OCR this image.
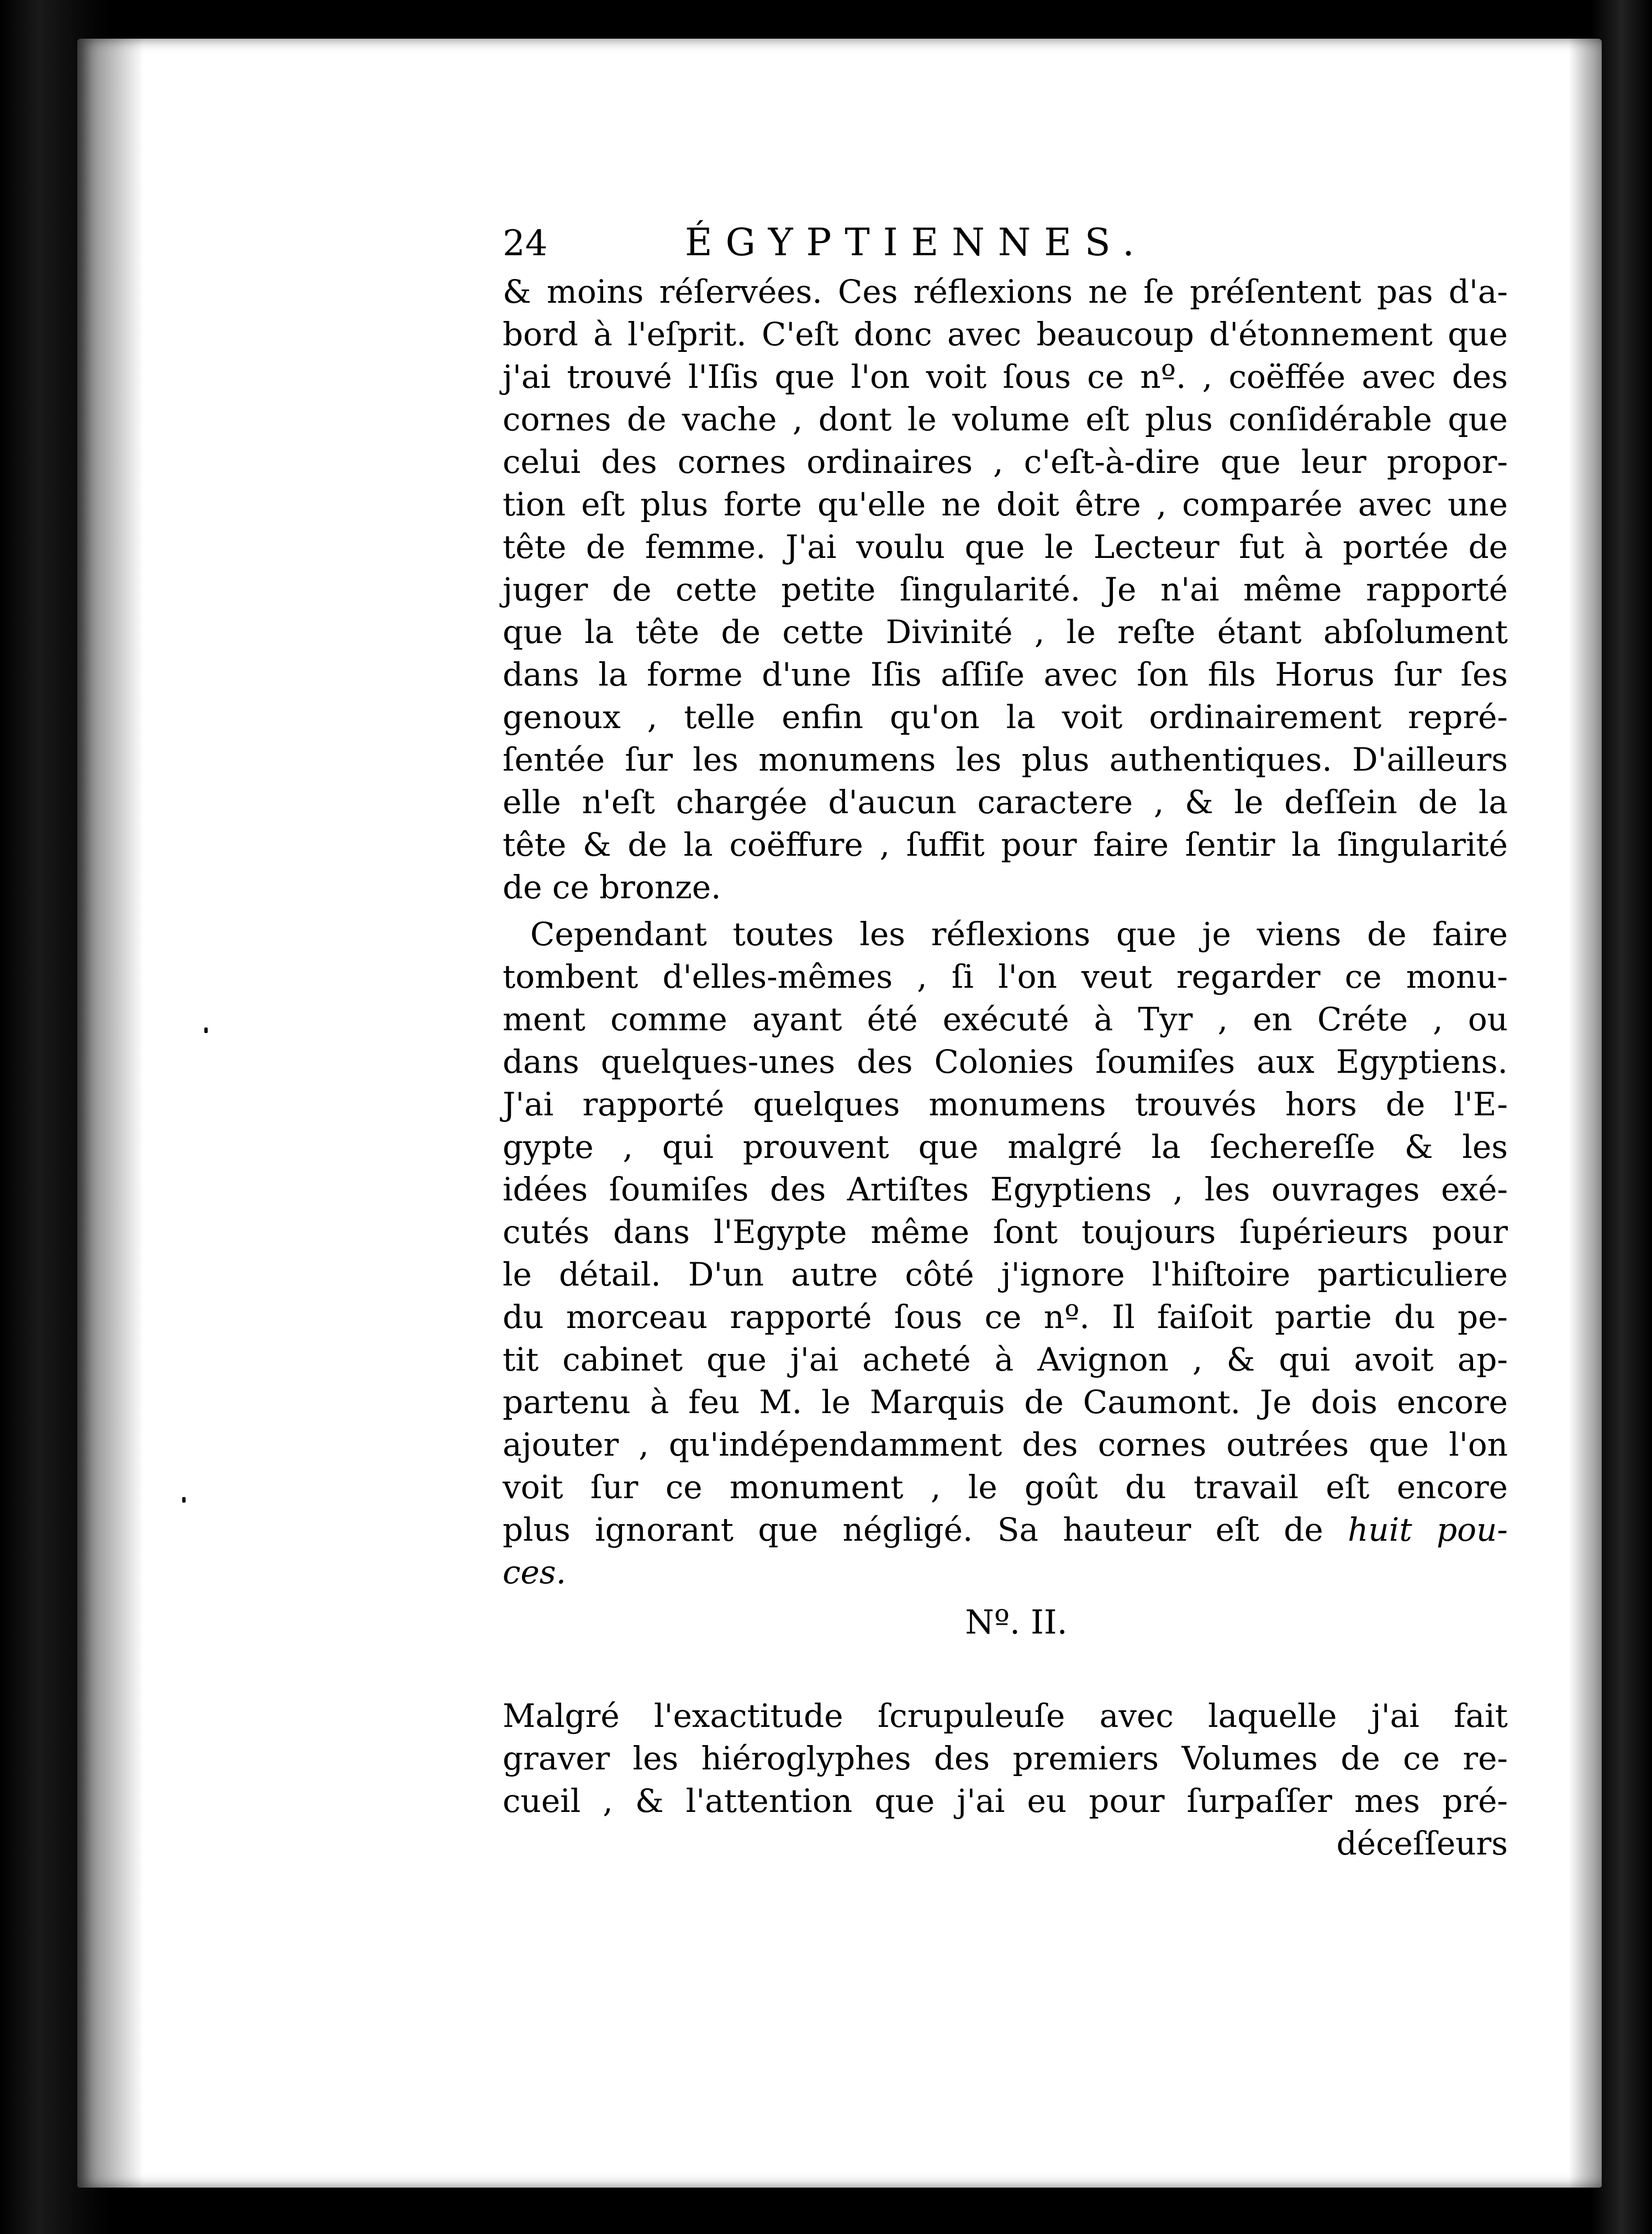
24	ÉGYPTIENNES.
& moins réſervées. Ces réflexions ne ſe préſentent pas d'a-
bord à l'eſprit. C'eſt donc avec beaucoup d'étonnement que
j'ai trouvé l'Iſis que l'on voit ſous ce nº. , coëffée avec des
cornes de vache , dont le volume eſt plus conſidérable que
celui des cornes ordinaires , c'eſt-à-dire que leur propor-
tion eſt plus forte qu'elle ne doit être , comparée avec une
tête de femme. J'ai voulu que le Lecteur fut à portée de
juger de cette petite ſingularité. Je n'ai même rapporté
que la tête de cette Divinité , le reſte étant abſolument
dans la forme d'une Iſis aſſiſe avec ſon fils Horus ſur ſes
genoux , telle enfin qu'on la voit ordinairement repré-
ſentée ſur les monumens les plus authentiques. D'ailleurs
elle n'eſt chargée d'aucun caractere , & le deſſein de la
tête & de la coëffure , ſuffit pour faire ſentir la ſingularité
de ce bronze.
Cependant toutes les réflexions que je viens de faire
tombent d'elles-mêmes , ſi l'on veut regarder ce monu-
ment comme ayant été exécuté à Tyr , en Créte , ou
dans quelques-unes des Colonies ſoumiſes aux Egyptiens.
J'ai rapporté quelques monumens trouvés hors de l'E-
gypte , qui prouvent que malgré la ſechereſſe & les
idées ſoumiſes des Artiſtes Egyptiens , les ouvrages exé-
cutés dans l'Egypte même ſont toujours ſupérieurs pour
le détail. D'un autre côté j'ignore l'hiſtoire particuliere
du morceau rapporté ſous ce nº. Il faiſoit partie du pe-
tit cabinet que j'ai acheté à Avignon , & qui avoit ap-
partenu à feu M. le Marquis de Caumont. Je dois encore
ajouter , qu'indépendamment des cornes outrées que l'on
voit ſur ce monument , le goût du travail eſt encore
plus ignorant que négligé. Sa hauteur eſt de huit pou-
ces.
Nº. II.
Malgré l'exactitude ſcrupuleuſe avec laquelle j'ai fait
graver les hiéroglyphes des premiers Volumes de ce re-
cueil , & l'attention que j'ai eu pour ſurpaſſer mes pré-
déceſſeurs
